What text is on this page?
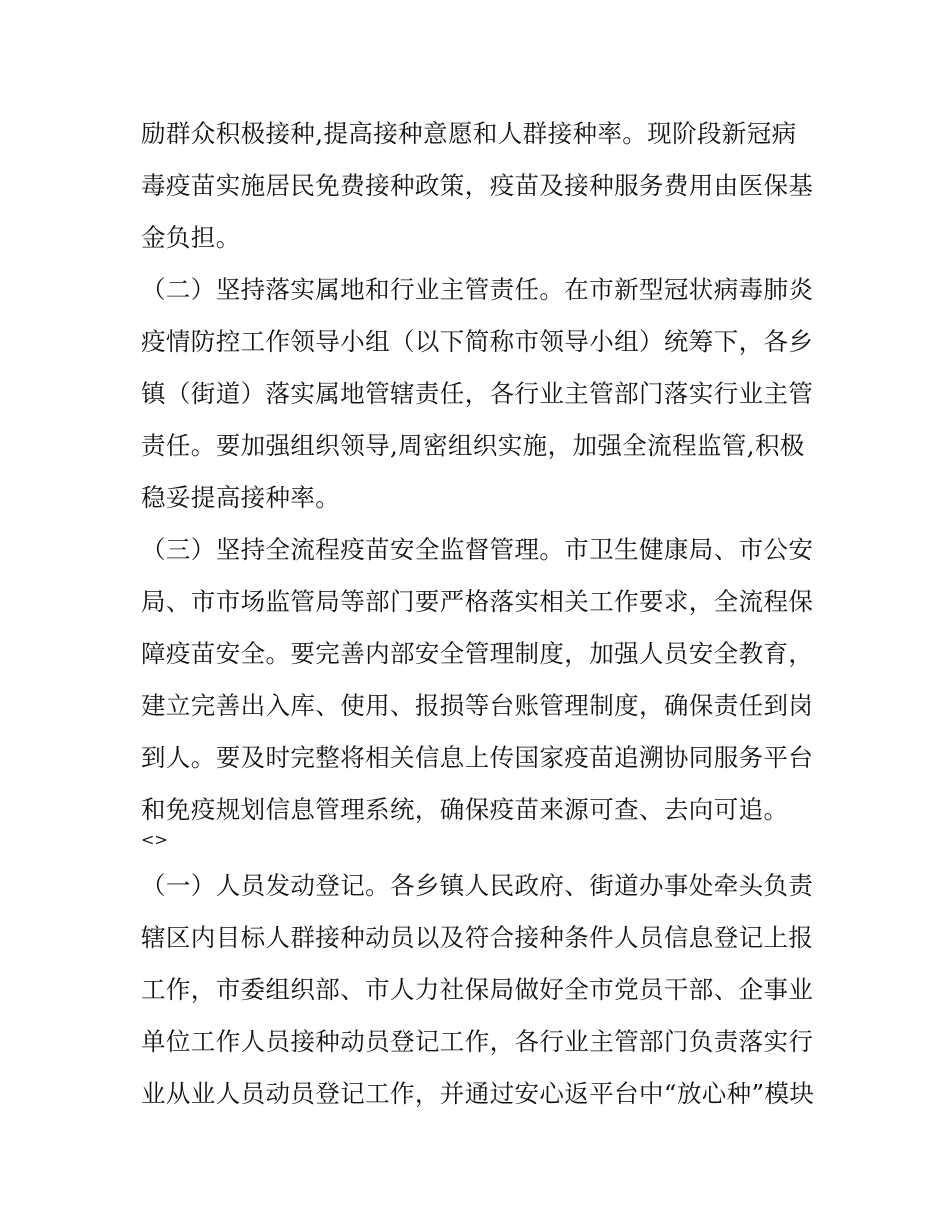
励群众积极接种,提高接种意愿和人群接种率。现阶段新冠病
毒疫苗实施居民免费接种政策，疫苗及接种服务费用由医保基
金负担。
（二）坚持落实属地和行业主管责任。在市新型冠状病毒肺炎
疫情防控工作领导小组（以下简称市领导小组）统筹下，各乡
镇（街道）落实属地管辖责任，各行业主管部门落实行业主管
责任。要加强组织领导,周密组织实施，加强全流程监管,积极
稳妥提高接种率。
（三）坚持全流程疫苗安全监督管理。市卫生健康局、市公安
局、市市场监管局等部门要严格落实相关工作要求，全流程保
障疫苗安全。要完善内部安全管理制度，加强人员安全教育，
建立完善出入库、使用、报损等台账管理制度，确保责任到岗
到人。要及时完整将相关信息上传国家疫苗追溯协同服务平台
和免疫规划信息管理系统，确保疫苗来源可查、去向可追。
<>
（一）人员发动登记。各乡镇人民政府、街道办事处牵头负责
辖区内目标人群接种动员以及符合接种条件人员信息登记上报
工作，市委组织部、市人力社保局做好全市党员干部、企事业
单位工作人员接种动员登记工作，各行业主管部门负责落实行
业从业人员动员登记工作，并通过安心返平台中“放心种”模块
